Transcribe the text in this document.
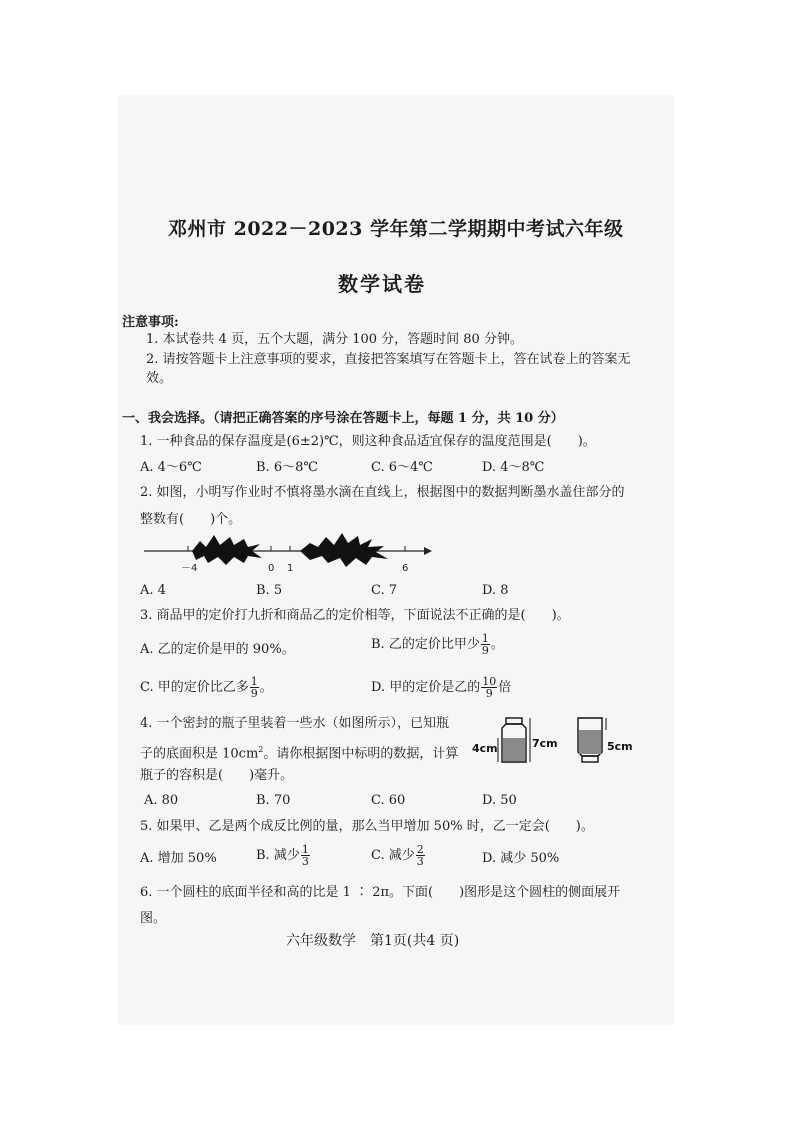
邓州市 2022－2023 学年第二学期期中考试六年级
数学试卷
注意事项:
1. 本试卷共 4 页，五个大题，满分 100 分，答题时间 80 分钟。
2. 请按答题卡上注意事项的要求，直接把答案填写在答题卡上，答在试卷上的答案无
效。
一、我会选择。（请把正确答案的序号涂在答题卡上，每题 1 分，共 10 分）
1. 一种食品的保存温度是(6±2)℃，则这种食品适宜保存的温度范围是(　　)。
A. 4～6℃	B. 6～8℃	C. 6～4℃	D. 4～8℃
2. 如图，小明写作业时不慎将墨水滴在直线上，根据图中的数据判断墨水盖住部分的
整数有(　　)个。
－4	0 1	6
A. 4	B. 5	C. 7	D. 8
3. 商品甲的定价打九折和商品乙的定价相等，下面说法不正确的是(　　)。
A. 乙的定价是甲的 90%。	B. 乙的定价比甲少 $\frac{1}{9}$ 。
C. 甲的定价比乙多 $\frac{1}{9}$ 。	D. 甲的定价是乙的 $\frac{10}{9}$ 倍
4. 一个密封的瓶子里装着一些水（如图所示），已知瓶
子的底面积是 $10cm^2$。请你根据图中标明的数据，计算
瓶子的容积是(　　)毫升。
4cm	7cm	5cm
A. 80	B. 70	C. 60	D. 50
5. 如果甲、乙是两个成反比例的量，那么当甲增加 50% 时，乙一定会(　　)。
A. 增加 50%	B. 减少 $\frac{1}{3}$	C. 减少 $\frac{2}{3}$	D. 减少 50%
6. 一个圆柱的底面半径和高的比是 1 ∶ 2π。下面(　　)图形是这个圆柱的侧面展开
图。
六年级数学　第1页(共4 页)
